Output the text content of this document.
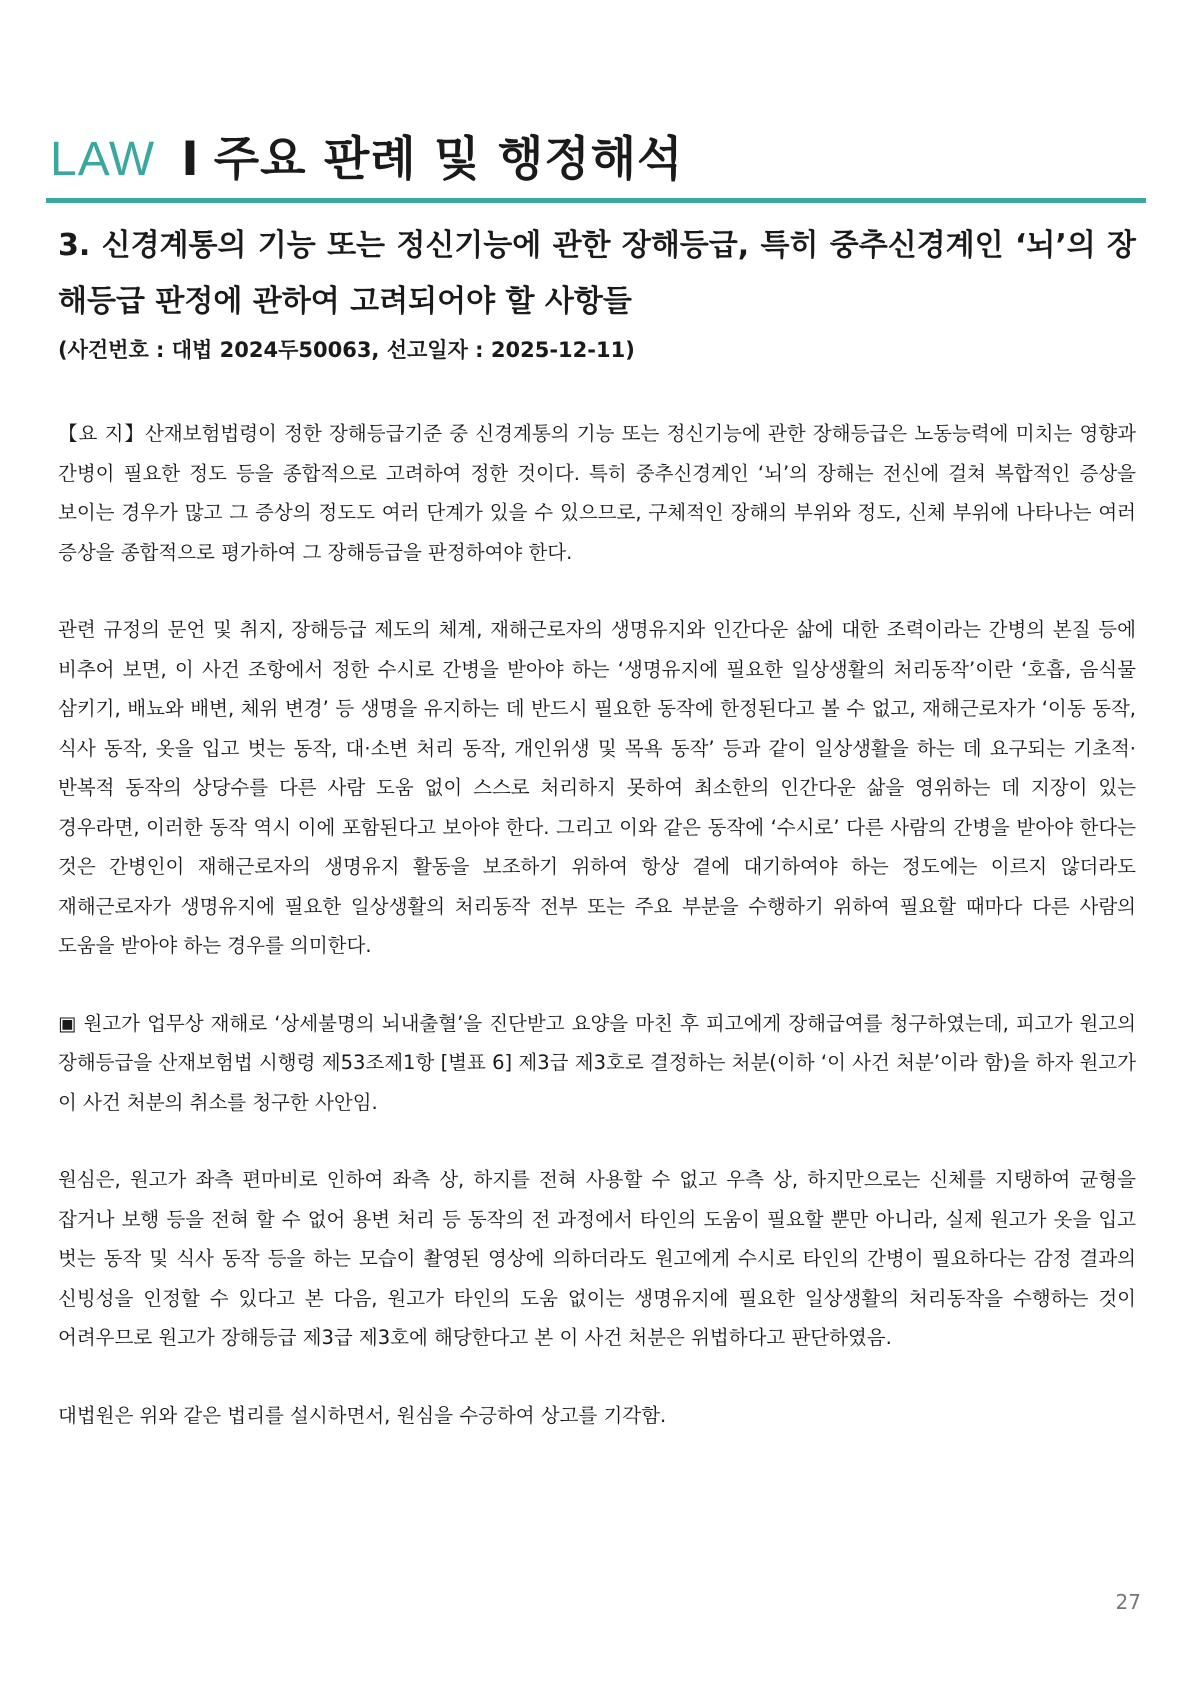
LAW I 주요 판례 및 행정해석
3. 신경계통의 기능 또는 정신기능에 관한 장해등급, 특히 중추신경계인 ‘뇌’의 장해등급 판정에 관하여 고려되어야 할 사항들
(사건번호 : 대법 2024두50063, 선고일자 : 2025-12-11)

【요 지】산재보험법령이 정한 장해등급기준 중 신경계통의 기능 또는 정신기능에 관한 장해등급은 노동능력에 미치는 영향과 간병이 필요한 정도 등을 종합적으로 고려하여 정한 것이다. 특히 중추신경계인 ‘뇌’의 장해는 전신에 걸쳐 복합적인 증상을 보이는 경우가 많고 그 증상의 정도도 여러 단계가 있을 수 있으므로, 구체적인 장해의 부위와 정도, 신체 부위에 나타나는 여러 증상을 종합적으로 평가하여 그 장해등급을 판정하여야 한다.

관련 규정의 문언 및 취지, 장해등급 제도의 체계, 재해근로자의 생명유지와 인간다운 삶에 대한 조력이라는 간병의 본질 등에 비추어 보면, 이 사건 조항에서 정한 수시로 간병을 받아야 하는 ‘생명유지에 필요한 일상생활의 처리동작’이란 ‘호흡, 음식물 삼키기, 배뇨와 배변, 체위 변경’ 등 생명을 유지하는 데 반드시 필요한 동작에 한정된다고 볼 수 없고, 재해근로자가 ‘이동 동작, 식사 동작, 옷을 입고 벗는 동작, 대·소변 처리 동작, 개인위생 및 목욕 동작’ 등과 같이 일상생활을 하는 데 요구되는 기초적·반복적 동작의 상당수를 다른 사람 도움 없이 스스로 처리하지 못하여 최소한의 인간다운 삶을 영위하는 데 지장이 있는 경우라면, 이러한 동작 역시 이에 포함된다고 보아야 한다. 그리고 이와 같은 동작에 ‘수시로’ 다른 사람의 간병을 받아야 한다는 것은 간병인이 재해근로자의 생명유지 활동을 보조하기 위하여 항상 곁에 대기하여야 하는 정도에는 이르지 않더라도 재해근로자가 생명유지에 필요한 일상생활의 처리동작 전부 또는 주요 부분을 수행하기 위하여 필요할 때마다 다른 사람의 도움을 받아야 하는 경우를 의미한다.

▣ 원고가 업무상 재해로 ‘상세불명의 뇌내출혈’을 진단받고 요양을 마친 후 피고에게 장해급여를 청구하였는데, 피고가 원고의 장해등급을 산재보험법 시행령 제53조제1항 [별표 6] 제3급 제3호로 결정하는 처분(이하 ‘이 사건 처분’이라 함)을 하자 원고가 이 사건 처분의 취소를 청구한 사안임.

원심은, 원고가 좌측 편마비로 인하여 좌측 상, 하지를 전혀 사용할 수 없고 우측 상, 하지만으로는 신체를 지탱하여 균형을 잡거나 보행 등을 전혀 할 수 없어 용변 처리 등 동작의 전 과정에서 타인의 도움이 필요할 뿐만 아니라, 실제 원고가 옷을 입고 벗는 동작 및 식사 동작 등을 하는 모습이 촬영된 영상에 의하더라도 원고에게 수시로 타인의 간병이 필요하다는 감정 결과의 신빙성을 인정할 수 있다고 본 다음, 원고가 타인의 도움 없이는 생명유지에 필요한 일상생활의 처리동작을 수행하는 것이 어려우므로 원고가 장해등급 제3급 제3호에 해당한다고 본 이 사건 처분은 위법하다고 판단하였음.

대법원은 위와 같은 법리를 설시하면서, 원심을 수긍하여 상고를 기각함.

27
